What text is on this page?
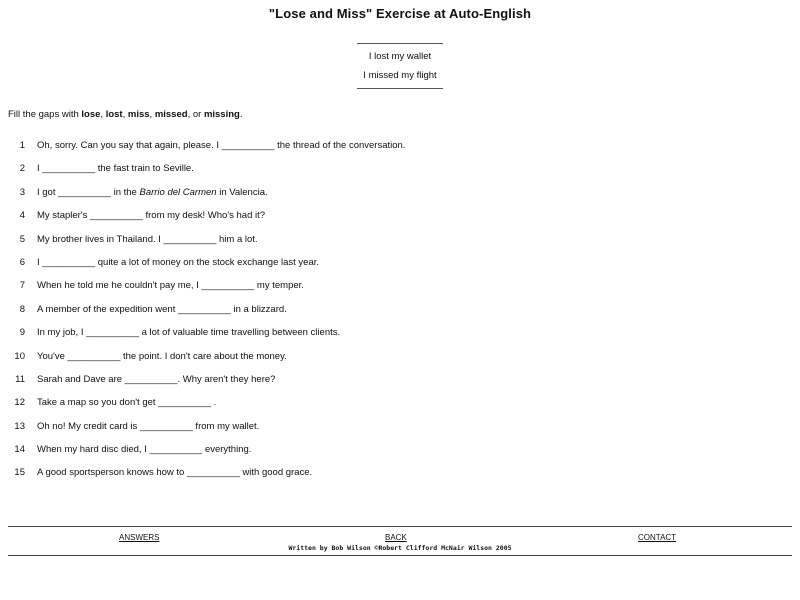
"Lose and Miss" Exercise at Auto-English
I lost my wallet
I missed my flight
Fill the gaps with lose, lost, miss, missed, or missing.
1 Oh, sorry. Can you say that again, please. I __________ the thread of the conversation.
2 I __________ the fast train to Seville.
3 I got __________ in the Barrio del Carmen in Valencia.
4 My stapler's __________ from my desk! Who's had it?
5 My brother lives in Thailand. I __________ him a lot.
6 I __________ quite a lot of money on the stock exchange last year.
7 When he told me he couldn't pay me, I __________ my temper.
8 A member of the expedition went __________ in a blizzard.
9 In my job, I __________ a lot of valuable time travelling between clients.
10 You've __________ the point. I don't care about the money.
11 Sarah and Dave are __________. Why aren't they here?
12 Take a map so you don't get __________ .
13 Oh no! My credit card is __________ from my wallet.
14 When my hard disc died, I __________ everything.
15 A good sportsperson knows how to __________ with good grace.
ANSWERS	BACK	CONTACT
Written by Bob Wilson ©Robert Clifford McNair Wilson 2005
